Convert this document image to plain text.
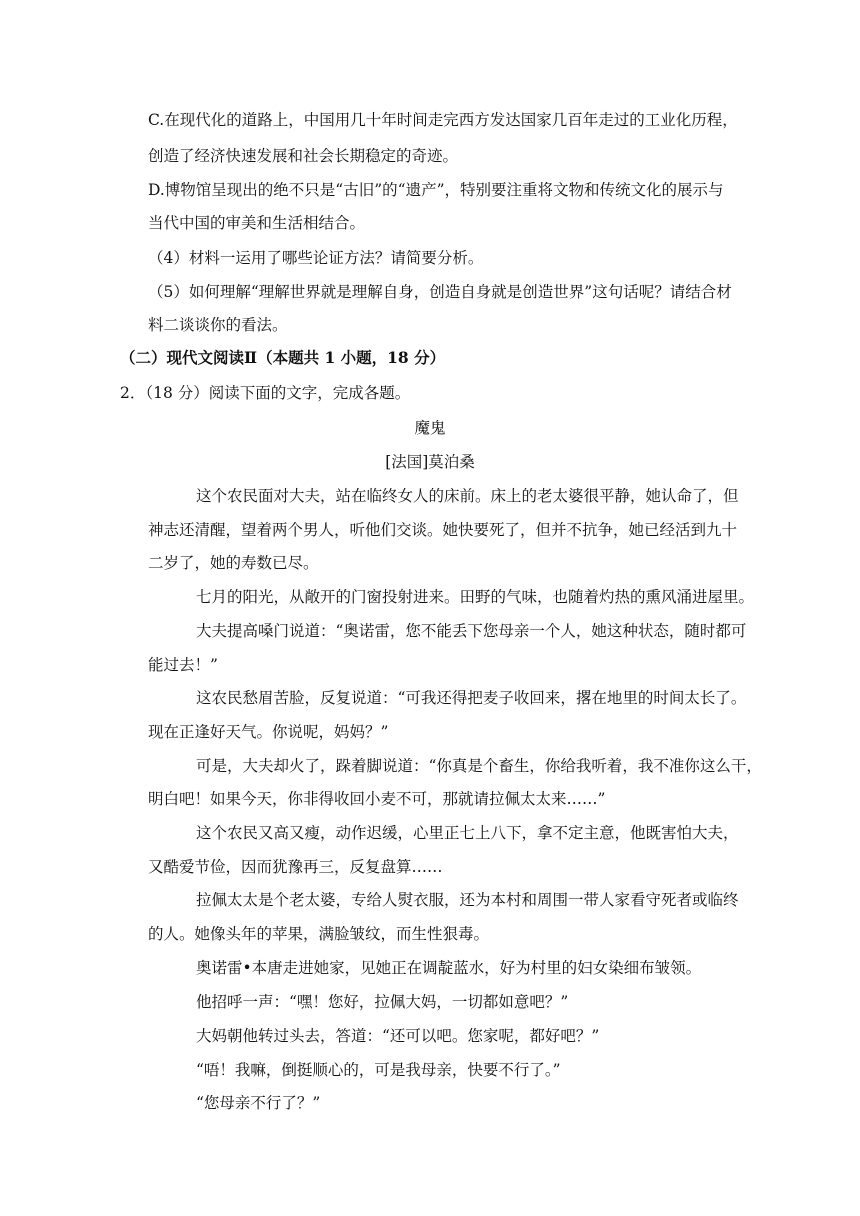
C.在现代化的道路上，中国用几十年时间走完西方发达国家几百年走过的工业化历程，
创造了经济快速发展和社会长期稳定的奇迹。
D.博物馆呈现出的绝不只是“古旧”的“遗产”，特别要注重将文物和传统文化的展示与
当代中国的审美和生活相结合。
（4）材料一运用了哪些论证方法？请简要分析。
（5）如何理解“理解世界就是理解自身，创造自身就是创造世界”这句话呢？请结合材
料二谈谈你的看法。
（二）现代文阅读Ⅱ（本题共 1 小题，18 分）
2．（18 分）阅读下面的文字，完成各题。
魔鬼
[法国]莫泊桑
这个农民面对大夫，站在临终女人的床前。床上的老太婆很平静，她认命了，但
神志还清醒，望着两个男人，听他们交谈。她快要死了，但并不抗争，她已经活到九十
二岁了，她的寿数已尽。
七月的阳光，从敞开的门窗投射进来。田野的气味，也随着灼热的熏风涌进屋里。
大夫提高嗓门说道：“奥诺雷，您不能丢下您母亲一个人，她这种状态，随时都可
能过去！”
这农民愁眉苦脸，反复说道：“可我还得把麦子收回来，撂在地里的时间太长了。
现在正逢好天气。你说呢，妈妈？”
可是，大夫却火了，跺着脚说道：“你真是个畜生，你给我听着，我不准你这么干，
明白吧！如果今天，你非得收回小麦不可，那就请拉佩太太来……”
这个农民又高又瘦，动作迟缓，心里正七上八下，拿不定主意，他既害怕大夫，
又酷爱节俭，因而犹豫再三，反复盘算……
拉佩太太是个老太婆，专给人熨衣服，还为本村和周围一带人家看守死者或临终
的人。她像头年的苹果，满脸皱纹，而生性狠毒。
奥诺雷•本唐走进她家，见她正在调靛蓝水，好为村里的妇女染细布皱领。
他招呼一声：“嘿！您好，拉佩大妈，一切都如意吧？”
大妈朝他转过头去，答道：“还可以吧。您家呢，都好吧？”
“唔！我嘛，倒挺顺心的，可是我母亲，快要不行了。”
“您母亲不行了？”
